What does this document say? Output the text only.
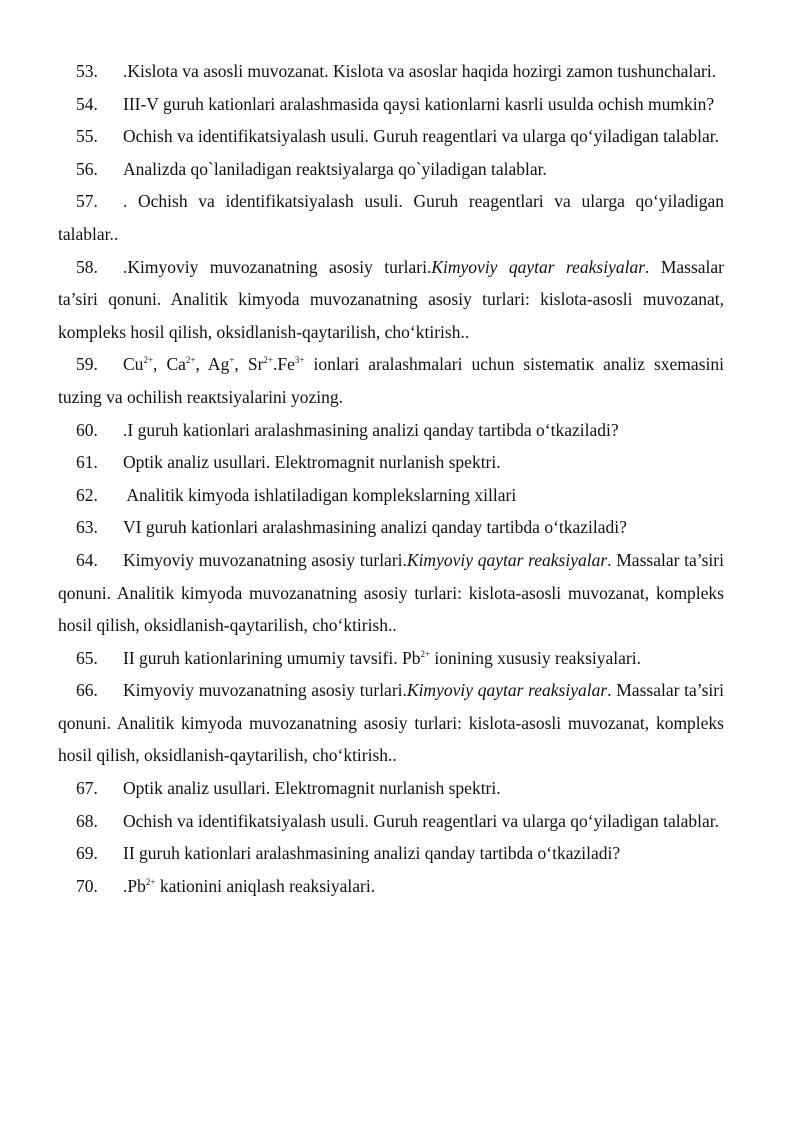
53. .Kislota va asosli muvozanat. Kislota va asoslar haqida hozirgi zamon tushunchalari.

54. III-V guruh kationlari aralashmasida qaysi kationlarni kasrli usulda ochish mumkin?

55. Ochish va identifikatsiyalash usuli. Guruh reagentlari va ularga qo‘yiladigan talablar.

56. Analizda qo`laniladigan reaktsiyalarga qo`yiladigan talablar.

57. . Ochish va identifikatsiyalash usuli. Guruh reagentlari va ularga qo‘yiladigan talablar..

58. .Kimyoviy muvozanatning asosiy turlari.Kimyoviy qaytar reaksiyalar. Massalar ta’siri qonuni. Analitik kimyoda muvozanatning asosiy turlari: kislota-asosli muvozanat, kompleks hosil qilish, oksidlanish-qaytarilish, cho‘ktirish..

59. $Cu^{2+}$, $Ca^{2+}$, Ag+, $Sr^{2+}.Fe^{3+}$ ionlari aralashmalari uchun sistematiк analiz sxemasini tuzing va ochilish reaкtsiyalarini yozing.

60. .I guruh kationlari aralashmasining analizi qanday tartibda o‘tkaziladi?

61. Optik analiz usullari. Elektromagnit nurlanish spektri.

62. Analitik kimyoda ishlatiladigan komplekslarning xillari

63. VI guruh kationlari aralashmasining analizi qanday tartibda o‘tkaziladi?

64. Kimyoviy muvozanatning asosiy turlari.Kimyoviy qaytar reaksiyalar. Massalar ta’siri qonuni. Analitik kimyoda muvozanatning asosiy turlari: kislota-asosli muvozanat, kompleks hosil qilish, oksidlanish-qaytarilish, cho‘ktirish..

65. II guruh kationlarining umumiy tavsifi. $Pb^{2+}$ ionining xususiy reaksiyalari.

66. Kimyoviy muvozanatning asosiy turlari.Kimyoviy qaytar reaksiyalar. Massalar ta’siri qonuni. Analitik kimyoda muvozanatning asosiy turlari: kislota-asosli muvozanat, kompleks hosil qilish, oksidlanish-qaytarilish, cho‘ktirish..

67. Optik analiz usullari. Elektromagnit nurlanish spektri.

68. Ochish va identifikatsiyalash usuli. Guruh reagentlari va ularga qo‘yiladigan talablar.

69. II guruh kationlari aralashmasining analizi qanday tartibda o‘tkaziladi?

70. $.Pb^{2+}$ kationini aniqlash reaksiyalari.
